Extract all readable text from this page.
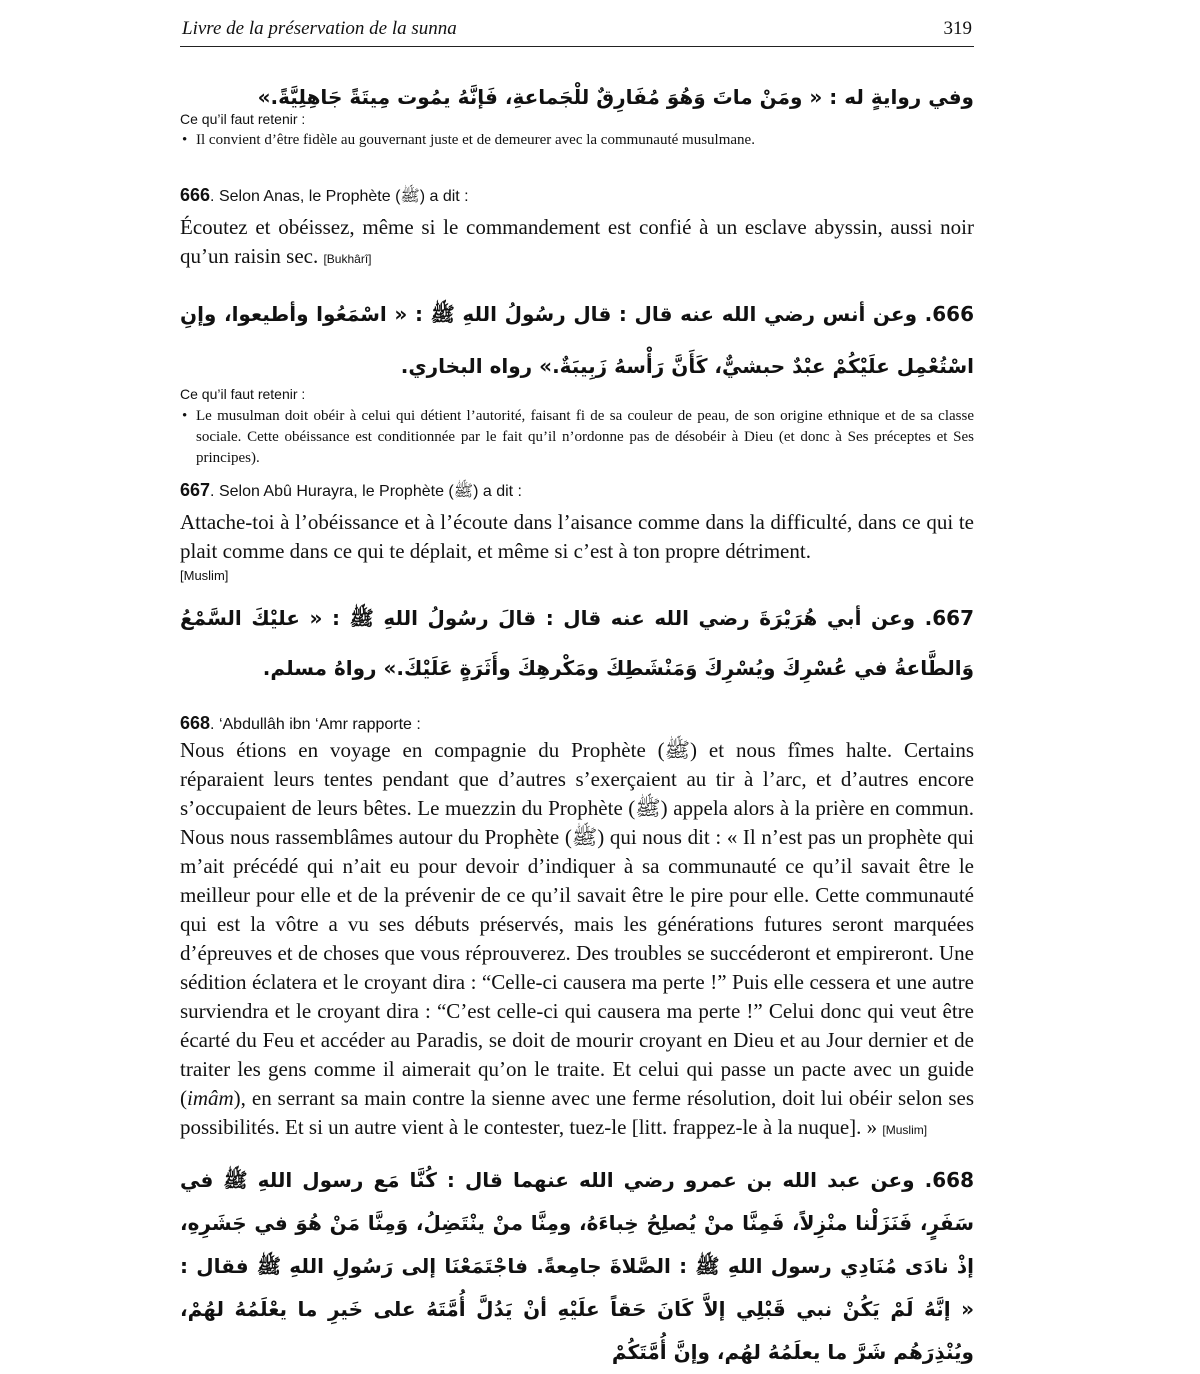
Livre de la préservation de la sunna	319

وفي روايةٍ له : « ومَنْ ماتَ وَهُوَ مُفَارِقٌ للْجَماعةِ، فَإنَّهُ يمُوت مِيتَةً جَاهِلِيَّةً.»

Ce qu’il faut retenir :

• Il convient d’être fidèle au gouvernant juste et de demeurer avec la communauté musulmane.

666. Selon Anas, le Prophète (ﷺ) a dit :

Écoutez et obéissez, même si le commandement est confié à un esclave abyssin, aussi noir qu’un raisin sec. [Bukhârî]

666. وعن أنس رضي الله عنه قال : قال رسُولُ اللهِ ﷺ : « اسْمَعُوا وأطيعوا، وإنِ اسْتُعْمِل علَيْكُمْ عبْدٌ حبشيٌّ، كَأَنَّ رَأْسهُ زَبِيبَةٌ.» رواه البخاري.

Ce qu’il faut retenir :

• Le musulman doit obéir à celui qui détient l’autorité, faisant fi de sa couleur de peau, de son origine ethnique et de sa classe sociale. Cette obéissance est conditionnée par le fait qu’il n’ordonne pas de désobéir à Dieu (et donc à Ses préceptes et Ses principes).

667. Selon Abû Hurayra, le Prophète (ﷺ) a dit :

Attache-toi à l’obéissance et à l’écoute dans l’aisance comme dans la difficulté, dans ce qui te plait comme dans ce qui te déplait, et même si c’est à ton propre détriment.

[Muslim]

667. وعن أبي هُرَيْرَةَ رضي الله عنه قال : قالَ رسُولُ اللهِ ﷺ : « عليْكَ السَّمْعُ وَالطَّاعةُ في عُسْرِكَ ويُسْرِكَ وَمَنْشَطِكَ ومَكْرهِكَ وأَثَرَةٍ عَلَيْكَ.» رواهُ مسلم.

668. ‘Abdullâh ibn ‘Amr rapporte :

Nous étions en voyage en compagnie du Prophète (ﷺ) et nous fîmes halte. Certains réparaient leurs tentes pendant que d’autres s’exerçaient au tir à l’arc, et d’autres encore s’occupaient de leurs bêtes. Le muezzin du Prophète (ﷺ) appela alors à la prière en commun. Nous nous rassemblâmes autour du Prophète (ﷺ) qui nous dit : « Il n’est pas un prophète qui m’ait précédé qui n’ait eu pour devoir d’indiquer à sa communauté ce qu’il savait être le meilleur pour elle et de la prévenir de ce qu’il savait être le pire pour elle. Cette communauté qui est la vôtre a vu ses débuts préservés, mais les générations futures seront marquées d’épreuves et de choses que vous réprouverez. Des troubles se succéderont et empireront. Une sédition éclatera et le croyant dira : “Celle-ci causera ma perte !” Puis elle cessera et une autre surviendra et le croyant dira : “C’est celle-ci qui causera ma perte !” Celui donc qui veut être écarté du Feu et accéder au Paradis, se doit de mourir croyant en Dieu et au Jour dernier et de traiter les gens comme il aimerait qu’on le traite. Et celui qui passe un pacte avec un guide (imâm), en serrant sa main contre la sienne avec une ferme résolution, doit lui obéir selon ses possibilités. Et si un autre vient à le contester, tuez-le [litt. frappez-le à la nuque]. » [Muslim]

668. وعن عبد الله بن عمرو رضي الله عنهما قال : كُنَّا مَع رسول اللهِ ﷺ في سَفَرٍ، فَنَزَلْنا منْزِلاً، فَمِنَّا منْ يُصلِحُ خِباءَهُ، ومِنَّا منْ ينْتَضِلُ، وَمِنَّا مَنْ هُوَ في جَشَرِهِ، إذْ نادَى مُنَادِي رسول اللهِ ﷺ : الصَّلاةَ جامِعةً. فاجْتَمَعْنَا إلى رَسُولِ اللهِ ﷺ فقال : « إنَّهُ لَمْ يَكُنْ نبي قَبْلِي إلاَّ كَانَ حَقاً علَيْهِ أنْ يَدُلَّ أُمَّتَهُ على خَيرِ ما يعْلَمُهُ لهُمْ، ويُنْذِرَهُم شَرَّ ما يعلَمُهُ لهُم، وإنَّ أُمَّتَكُمْ
